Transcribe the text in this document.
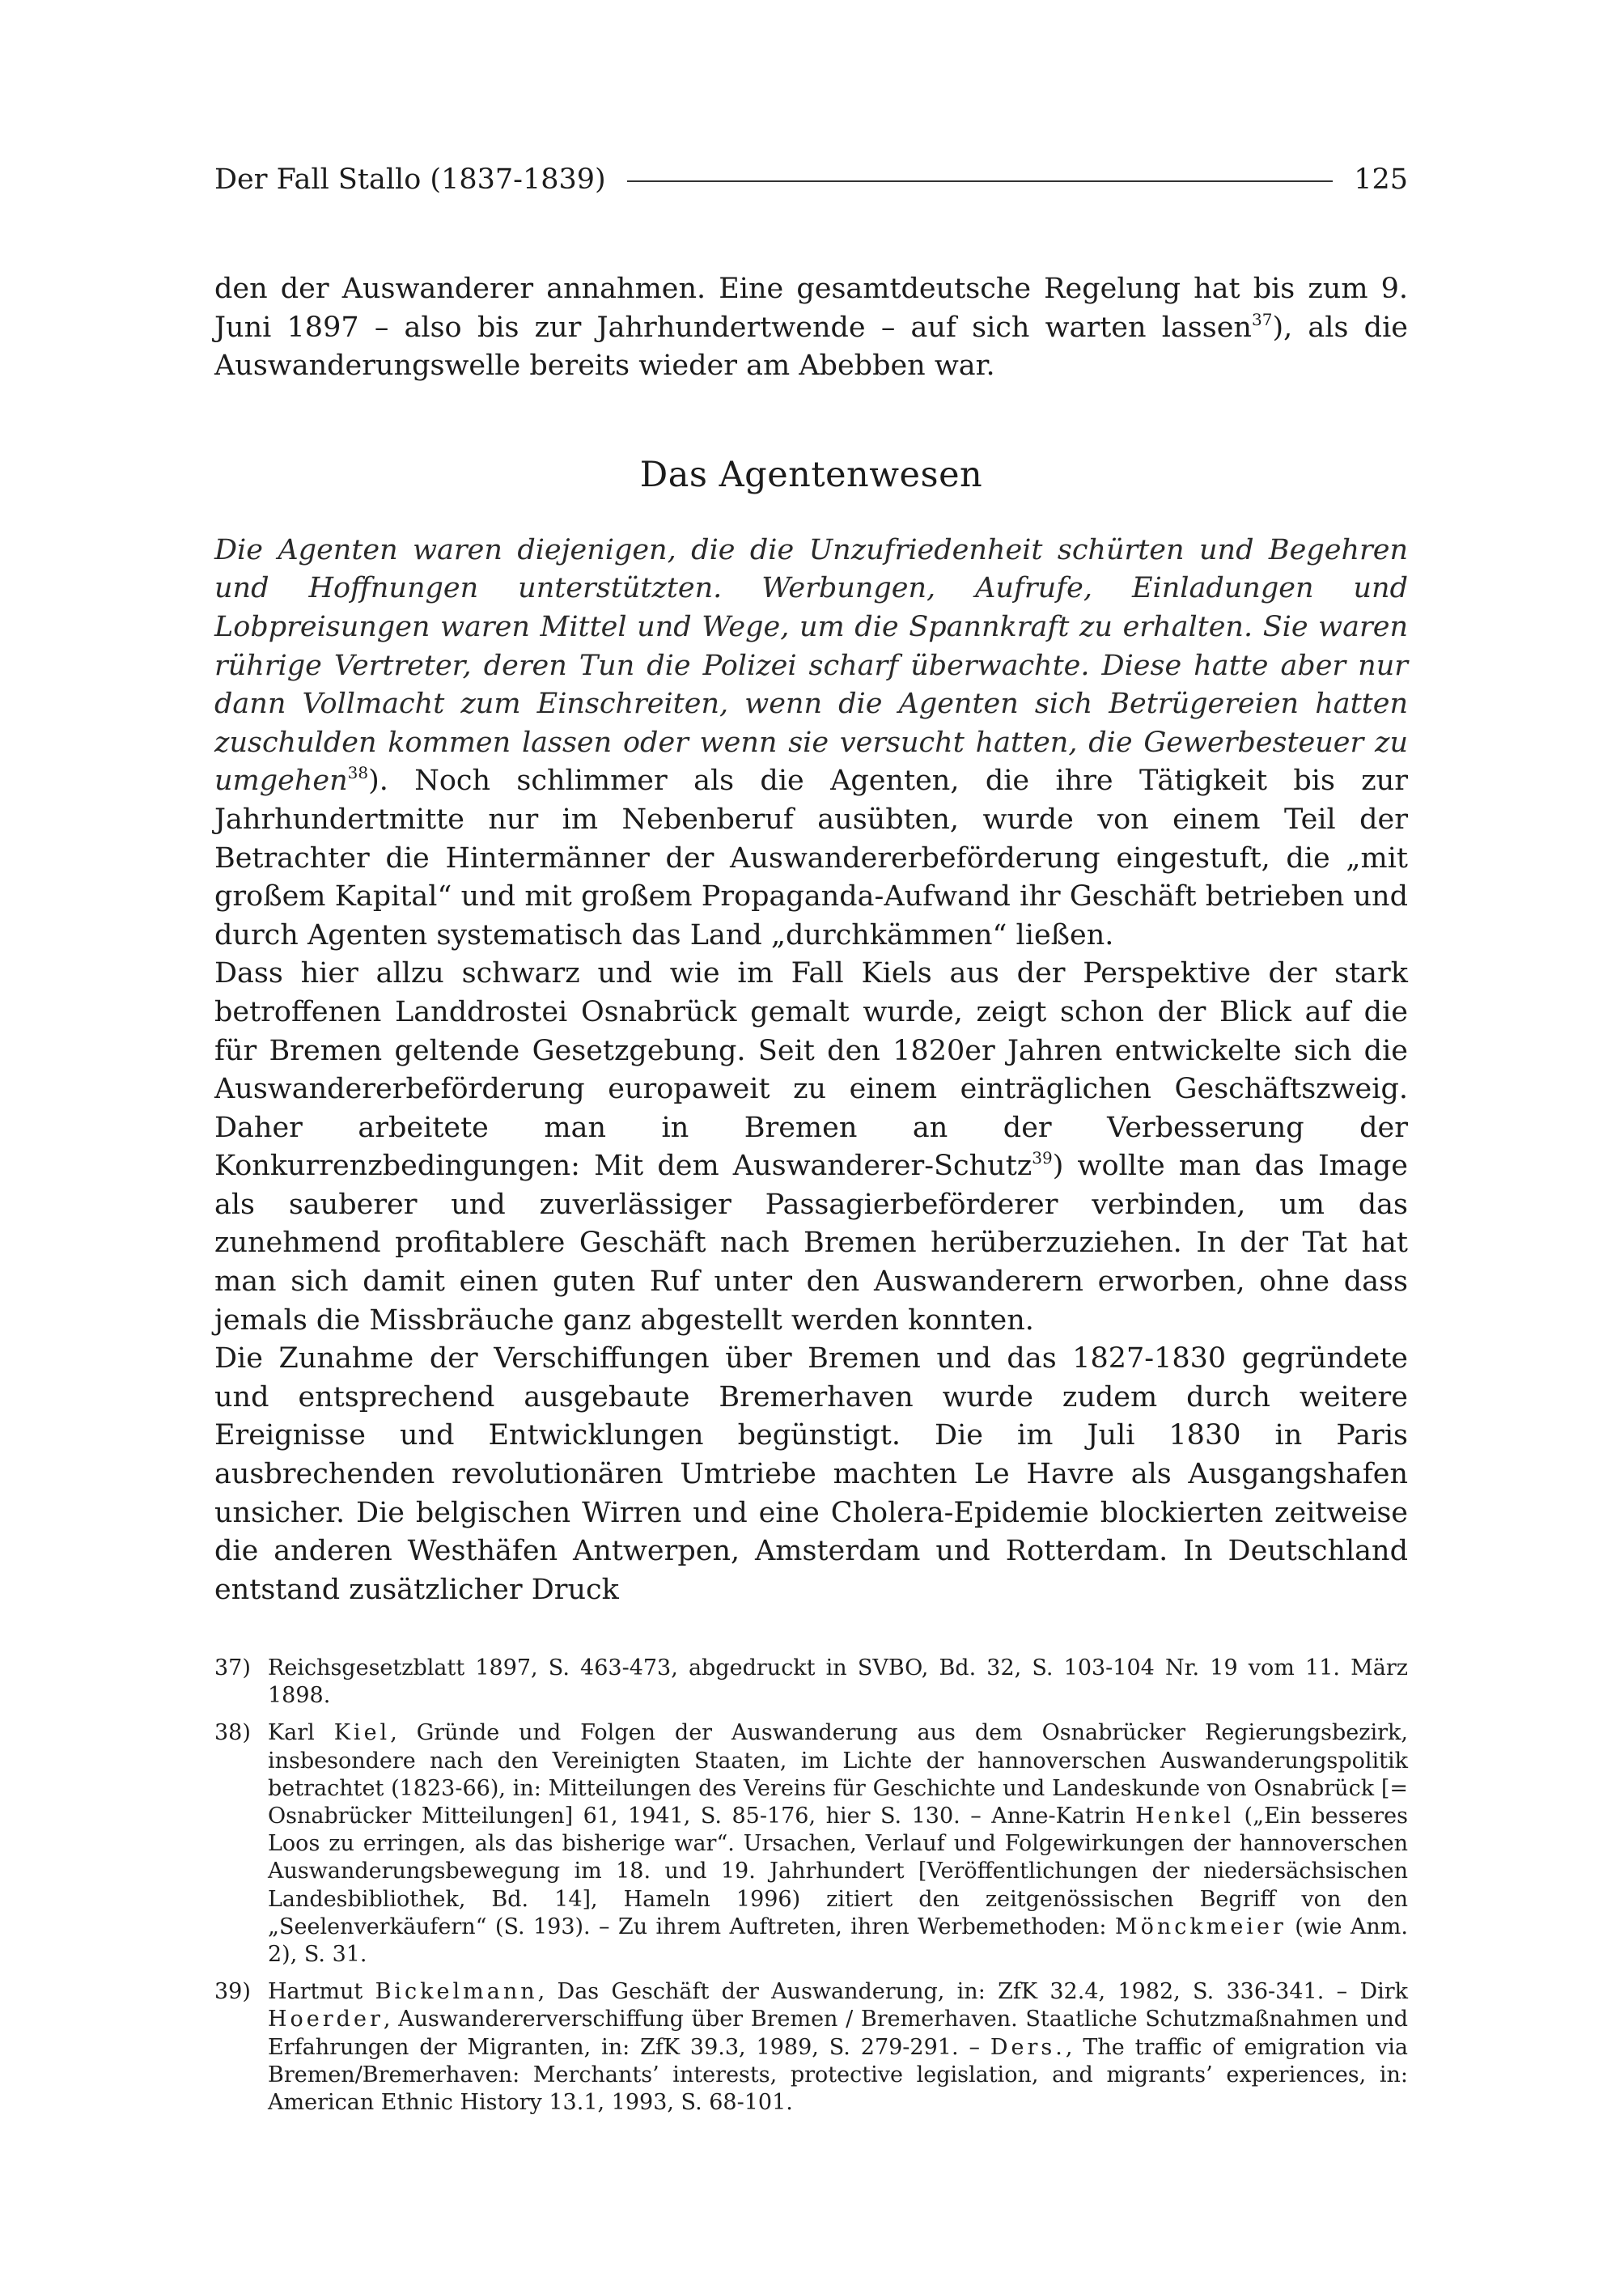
Der Fall Stallo (1837-1839)	125

den der Auswanderer annahmen. Eine gesamtdeutsche Regelung hat bis zum 9. Juni 1897 – also bis zur Jahrhundertwende – auf sich warten lassen$^{37}$), als die Auswanderungswelle bereits wieder am Abebben war.

Das Agentenwesen

Die Agenten waren diejenigen, die die Unzufriedenheit schürten und Begehren und Hoffnungen unterstützten. Werbungen, Aufrufe, Einladungen und Lobpreisungen waren Mittel und Wege, um die Spannkraft zu erhalten. Sie waren rührige Vertreter, deren Tun die Polizei scharf überwachte. Diese hatte aber nur dann Vollmacht zum Einschreiten, wenn die Agenten sich Betrügereien hatten zuschulden kommen lassen oder wenn sie versucht hatten, die Gewerbesteuer zu umgehen$^{38}$). Noch schlimmer als die Agenten, die ihre Tätigkeit bis zur Jahrhundertmitte nur im Nebenberuf ausübten, wurde von einem Teil der Betrachter die Hintermänner der Auswandererbeförderung eingestuft, die „mit großem Kapital“ und mit großem Propaganda-Aufwand ihr Geschäft betrieben und durch Agenten systematisch das Land „durchkämmen“ ließen.

Dass hier allzu schwarz und wie im Fall Kiels aus der Perspektive der stark betroffenen Landdrostei Osnabrück gemalt wurde, zeigt schon der Blick auf die für Bremen geltende Gesetzgebung. Seit den 1820er Jahren entwickelte sich die Auswandererbeförderung europaweit zu einem einträglichen Geschäftszweig. Daher arbeitete man in Bremen an der Verbesserung der Konkurrenzbedingungen: Mit dem Auswanderer-Schutz$^{39}$) wollte man das Image als sauberer und zuverlässiger Passagierbeförderer verbinden, um das zunehmend profitablere Geschäft nach Bremen herüberzuziehen. In der Tat hat man sich damit einen guten Ruf unter den Auswanderern erworben, ohne dass jemals die Missbräuche ganz abgestellt werden konnten.

Die Zunahme der Verschiffungen über Bremen und das 1827-1830 gegründete und entsprechend ausgebaute Bremerhaven wurde zudem durch weitere Ereignisse und Entwicklungen begünstigt. Die im Juli 1830 in Paris ausbrechenden revolutionären Umtriebe machten Le Havre als Ausgangshafen unsicher. Die belgischen Wirren und eine Cholera-Epidemie blockierten zeitweise die anderen Westhäfen Antwerpen, Amsterdam und Rotterdam. In Deutschland entstand zusätzlicher Druck

37) Reichsgesetzblatt 1897, S. 463-473, abgedruckt in SVBO, Bd. 32, S. 103-104 Nr. 19 vom 11. März 1898.
38) Karl Kiel, Gründe und Folgen der Auswanderung aus dem Osnabrücker Regierungsbezirk, insbesondere nach den Vereinigten Staaten, im Lichte der hannoverschen Auswanderungspolitik betrachtet (1823-66), in: Mitteilungen des Vereins für Geschichte und Landeskunde von Osnabrück [= Osnabrücker Mitteilungen] 61, 1941, S. 85-176, hier S. 130. – Anne-Katrin Henkel („Ein besseres Loos zu erringen, als das bisherige war“. Ursachen, Verlauf und Folgewirkungen der hannoverschen Auswanderungsbewegung im 18. und 19. Jahrhundert [Veröffentlichungen der niedersächsischen Landesbibliothek, Bd. 14], Hameln 1996) zitiert den zeitgenössischen Begriff von den „Seelenverkäufern“ (S. 193). – Zu ihrem Auftreten, ihren Werbemethoden: Mönckmeier (wie Anm. 2), S. 31.
39) Hartmut Bickelmann, Das Geschäft der Auswanderung, in: ZfK 32.4, 1982, S. 336-341. – Dirk Hoerder, Auswandererverschiffung über Bremen / Bremerhaven. Staatliche Schutzmaßnahmen und Erfahrungen der Migranten, in: ZfK 39.3, 1989, S. 279-291. – Ders., The traffic of emigration via Bremen/Bremerhaven: Merchants’ interests, protective legislation, and migrants’ experiences, in: American Ethnic History 13.1, 1993, S. 68-101.
